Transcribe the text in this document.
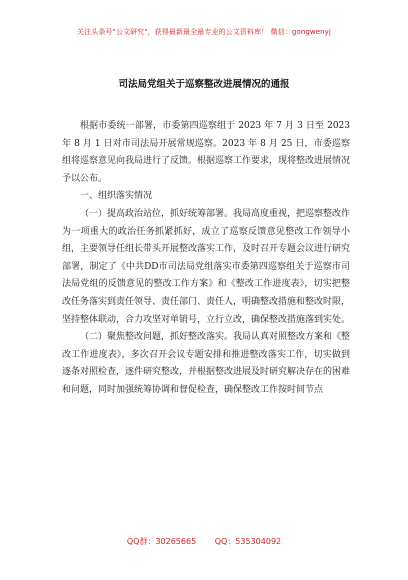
关注头条号"公文研究"，获得最新最全最专业的公文资料库！ 微信：gongwenyj
司法局党组关于巡察整改进展情况的通报

根据市委统一部署，市委第四巡察组于 2023 年 7 月 3 日至 2023 年 8 月 1 日对市司法局开展常规巡察。2023 年 8 月 25 日，市委巡察组将巡察意见向我局进行了反馈。根据巡察工作要求，现将整改进展情况予以公布。

一、组织落实情况

（一）提高政治站位，抓好统筹部署。我局高度重视，把巡察整改作为一项重大的政治任务抓紧抓好，成立了巡察反馈意见整改工作领导小组，主要领导任组长带头开展整改落实工作，及时召开专题会议进行研究部署，制定了《中共DD市司法局党组落实市委第四巡察组关于巡察市司法局党组的反馈意见的整改工作方案》和《整改工作进度表》，切实把整改任务落实到责任领导、责任部门、责任人，明确整改措施和整改时限，坚持整体联动，合力攻坚对单销号，立行立改，确保整改措施落到实处。

（二）聚焦整改问题，抓好整改落实。我局认真对照整改方案和《整改工作进度表》，多次召开会议专题安排和推进整改落实工作，切实做到逐条对照检查，逐件研究整改，并根据整改进展及时研究解决存在的困难和问题，同时加强统筹协调和督促检查，确保整改工作按时间节点

QQ群：30265665 QQ：535304092
